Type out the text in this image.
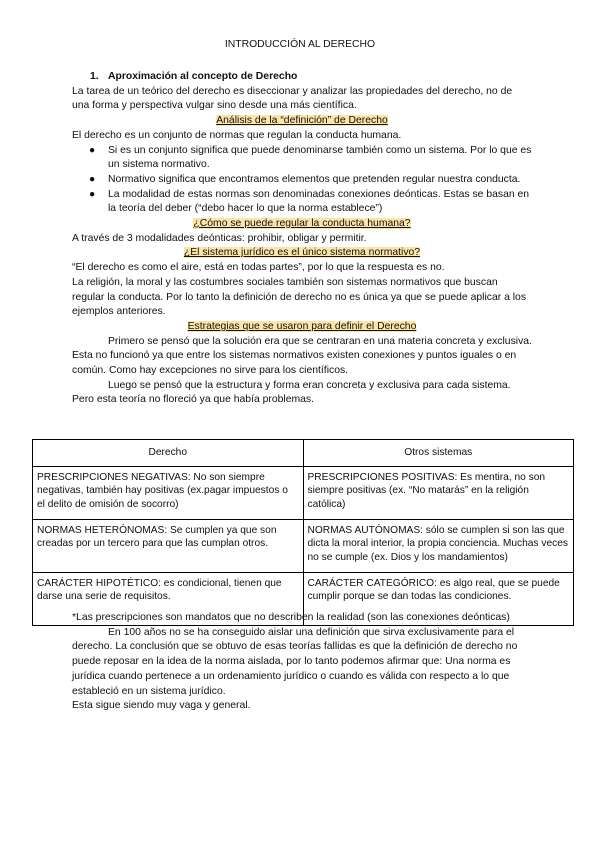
INTRODUCCIÓN AL DERECHO
1. Aproximación al concepto de Derecho

La tarea de un teórico del derecho es diseccionar y analizar las propiedades del derecho, no de una forma y perspectiva vulgar sino desde una más científica.

Análisis de la “definición” de Derecho

El derecho es un conjunto de normas que regulan la conducta humana.

● Si es un conjunto significa que puede denominarse también como un sistema. Por lo que es un sistema normativo.
● Normativo significa que encontramos elementos que pretenden regular nuestra conducta.
● La modalidad de estas normas son denominadas conexiones deónticas. Estas se basan en la teoría del deber (“debo hacer lo que la norma establece”)

¿Cómo se puede regular la conducta humana?

A través de 3 modalidades deónticas: prohibir, obligar y permitir.

¿El sistema jurídico es el único sistema normativo?

“El derecho es como el aire, está en todas partes”, por lo que la respuesta es no.

La religión, la moral y las costumbres sociales también son sistemas normativos que buscan regular la conducta. Por lo tanto la definición de derecho no es única ya que se puede aplicar a los ejemplos anteriores.

Estrategias que se usaron para definir el Derecho

Primero se pensó que la solución era que se centraran en una materia concreta y exclusiva. Esta no funcionó ya que entre los sistemas normativos existen conexiones y puntos iguales o en común. Como hay excepciones no sirve para los científicos.

Luego se pensó que la estructura y forma eran concreta y exclusiva para cada sistema. Pero esta teoría no floreció ya que había problemas.

Derecho	Otros sistemas
PRESCRIPCIONES NEGATIVAS: No son siempre negativas, también hay positivas (ex.pagar impuestos o el delito de omisión de socorro)	PRESCRIPCIONES POSITIVAS: Es mentira, no son siempre positivas (ex. “No matarás” en la religión católica)
NORMAS HETERÓNOMAS: Se cumplen ya que son creadas por un tercero para que las cumplan otros.	NORMAS AUTÓNOMAS: sólo se cumplen si son las que dicta la moral interior, la propia conciencia. Muchas veces no se cumple (ex. Dios y los mandamientos)
CARÁCTER HIPOTÉTICO: es condicional, tienen que darse una serie de requisitos.	CARÁCTER CATEGÓRICO: es algo real, que se puede cumplir porque se dan todas las condiciones.

*Las prescripciones son mandatos que no describen la realidad (son las conexiones deónticas)

En 100 años no se ha conseguido aislar una definición que sirva exclusivamente para el derecho. La conclusión que se obtuvo de esas teorías fallidas es que la definición de derecho no puede reposar en la idea de la norma aislada, por lo tanto podemos afirmar que: Una norma es jurídica cuando pertenece a un ordenamiento jurídico o cuando es válida con respecto a lo que estableció en un sistema jurídico.

Esta sigue siendo muy vaga y general.
